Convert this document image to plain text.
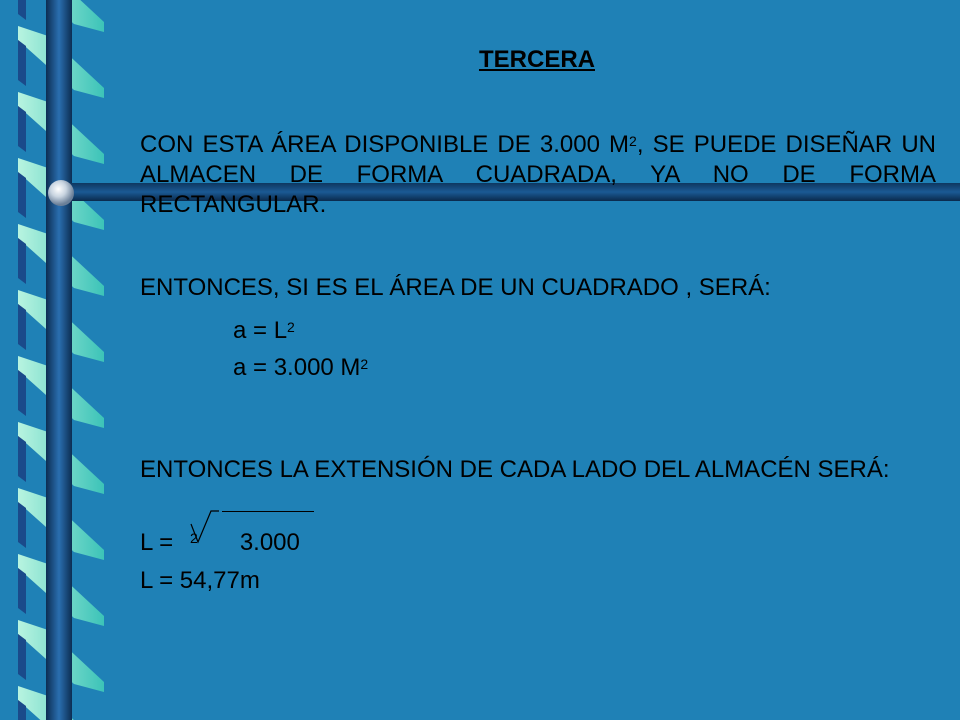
TERCERA
CON ESTA ÁREA DISPONIBLE DE 3.000 $M^2$, SE PUEDE DISEÑAR UN ALMACEN DE FORMA CUADRADA, YA NO DE FORMA RECTANGULAR.
ENTONCES, SI ES EL ÁREA DE UN CUADRADO , SERÁ:
$a = L^2$
a = 3.000 $M^2$
ENTONCES LA EXTENSIÓN DE CADA LADO DEL ALMACÉN SERÁ:
L =	3.000
2
L = 54,77m
